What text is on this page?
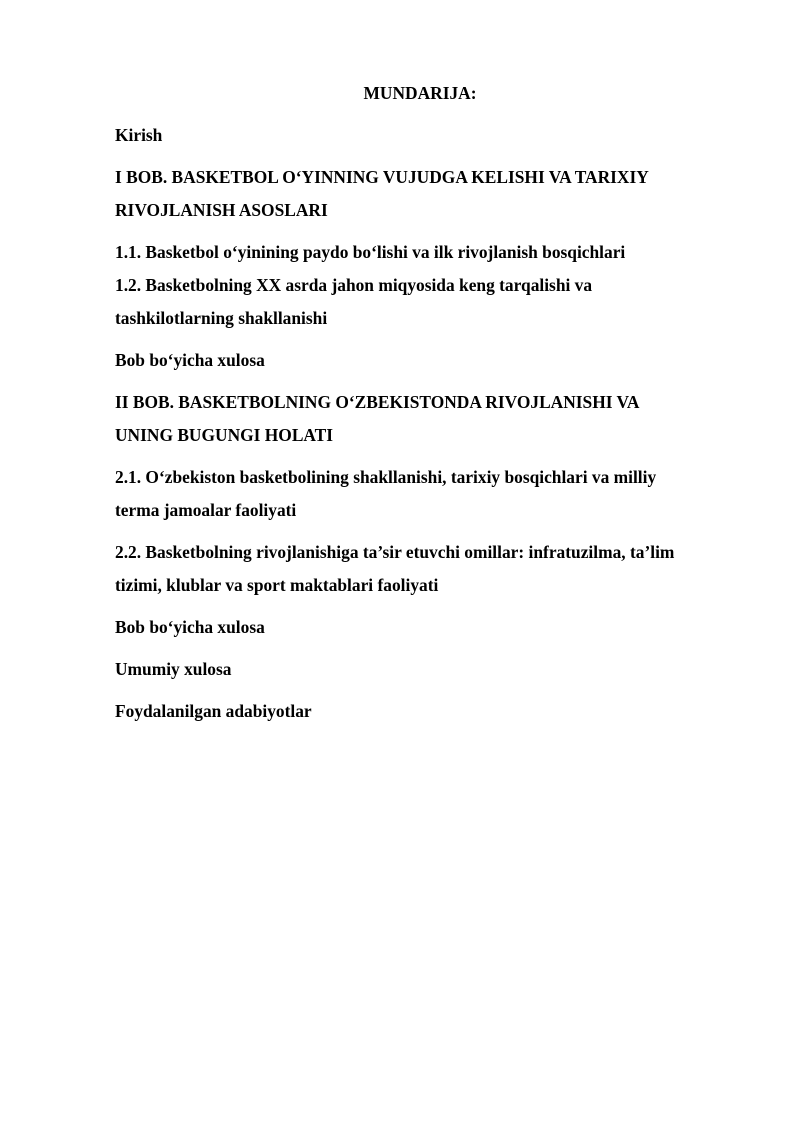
MUNDARIJA:
Kirish
I BOB. BASKETBOL O‘YINNING VUJUDGA KELISHI VA TARIXIY
RIVOJLANISH ASOSLARI
1.1. Basketbol o‘yinining paydo bo‘lishi va ilk rivojlanish bosqichlari
1.2. Basketbolning XX asrda jahon miqyosida keng tarqalishi va
tashkilotlarning shakllanishi
Bob bo‘yicha xulosa
II BOB. BASKETBOLNING O‘ZBEKISTONDA RIVOJLANISHI VA
UNING BUGUNGI HOLATI
2.1. O‘zbekiston basketbolining shakllanishi, tarixiy bosqichlari va milliy
terma jamoalar faoliyati
2.2. Basketbolning rivojlanishiga ta’sir etuvchi omillar: infratuzilma, ta’lim
tizimi, klublar va sport maktablari faoliyati
Bob bo‘yicha xulosa
Umumiy xulosa
Foydalanilgan adabiyotlar
